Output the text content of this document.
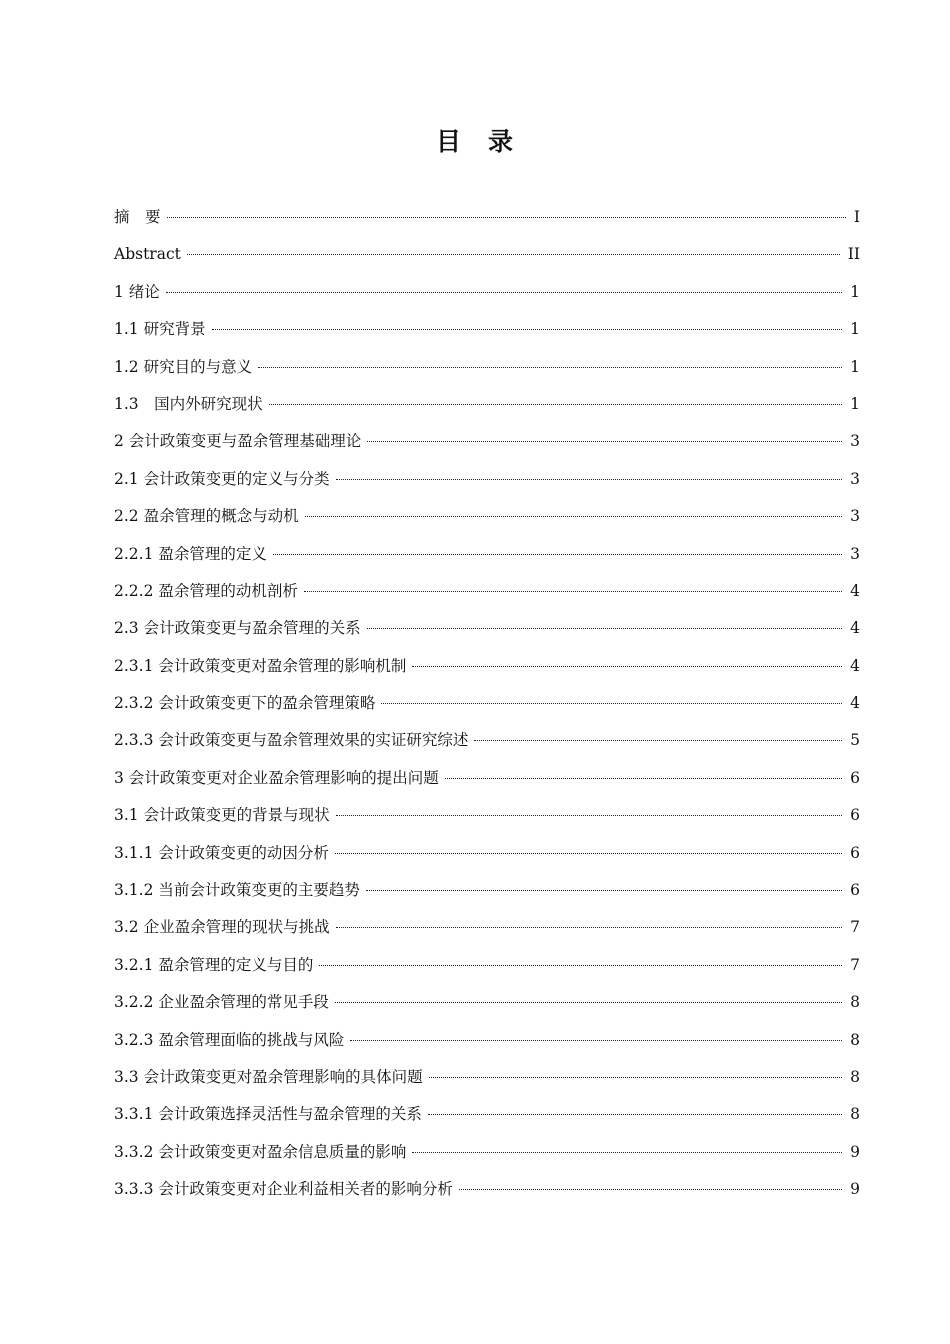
目　录
摘　要	I
Abstract	II
1 绪论	1
1.1 研究背景	1
1.2 研究目的与意义	1
1.3　国内外研究现状	1
2 会计政策变更与盈余管理基础理论	3
2.1 会计政策变更的定义与分类	3
2.2 盈余管理的概念与动机	3
2.2.1 盈余管理的定义	3
2.2.2 盈余管理的动机剖析	4
2.3 会计政策变更与盈余管理的关系	4
2.3.1 会计政策变更对盈余管理的影响机制	4
2.3.2 会计政策变更下的盈余管理策略	4
2.3.3 会计政策变更与盈余管理效果的实证研究综述	5
3 会计政策变更对企业盈余管理影响的提出问题	6
3.1 会计政策变更的背景与现状	6
3.1.1 会计政策变更的动因分析	6
3.1.2 当前会计政策变更的主要趋势	6
3.2 企业盈余管理的现状与挑战	7
3.2.1 盈余管理的定义与目的	7
3.2.2 企业盈余管理的常见手段	8
3.2.3 盈余管理面临的挑战与风险	8
3.3 会计政策变更对盈余管理影响的具体问题	8
3.3.1 会计政策选择灵活性与盈余管理的关系	8
3.3.2 会计政策变更对盈余信息质量的影响	9
3.3.3 会计政策变更对企业利益相关者的影响分析	9
